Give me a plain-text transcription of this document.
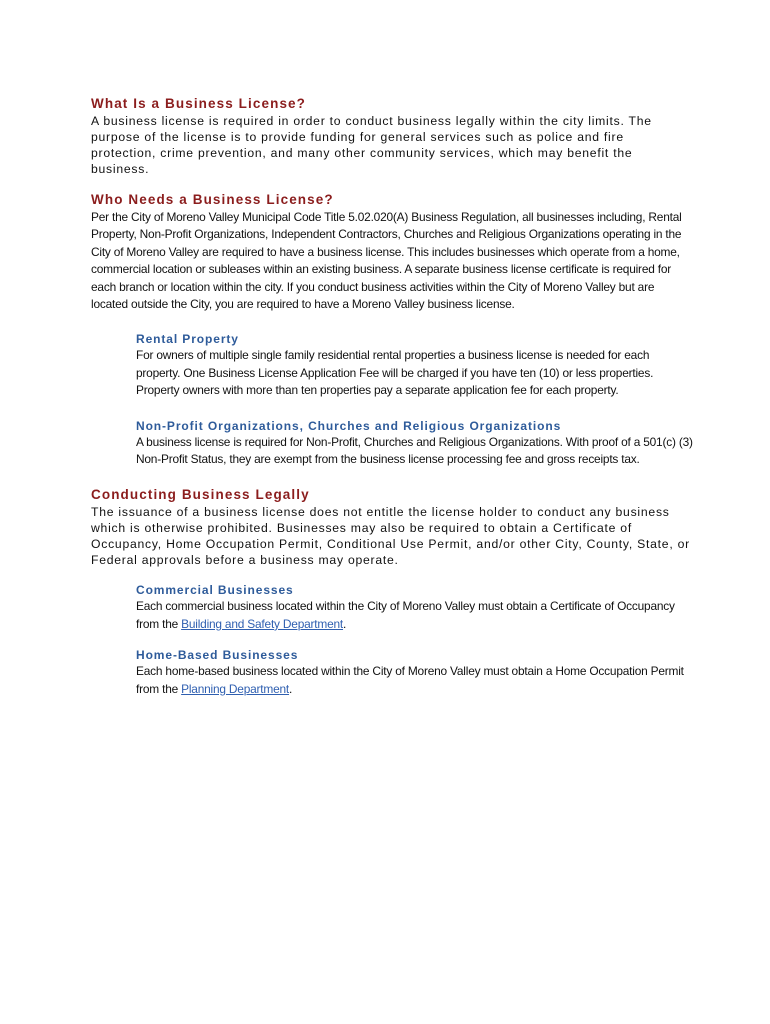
What Is a Business License?

A business license is required in order to conduct business legally within the city limits. The purpose of the license is to provide funding for general services such as police and fire protection, crime prevention, and many other community services, which may benefit the business.

Who Needs a Business License?

Per the City of Moreno Valley Municipal Code Title 5.02.020(A) Business Regulation, all businesses including, Rental Property, Non-Profit Organizations, Independent Contractors, Churches and Religious Organizations operating in the City of Moreno Valley are required to have a business license. This includes businesses which operate from a home, commercial location or subleases within an existing business. A separate business license certificate is required for each branch or location within the city. If you conduct business activities within the City of Moreno Valley but are located outside the City, you are required to have a Moreno Valley business license.

Rental Property

For owners of multiple single family residential rental properties a business license is needed for each property. One Business License Application Fee will be charged if you have ten (10) or less properties. Property owners with more than ten properties pay a separate application fee for each property.

Non-Profit Organizations, Churches and Religious Organizations

A business license is required for Non-Profit, Churches and Religious Organizations. With proof of a 501(c) (3) Non-Profit Status, they are exempt from the business license processing fee and gross receipts tax.

Conducting Business Legally

The issuance of a business license does not entitle the license holder to conduct any business which is otherwise prohibited. Businesses may also be required to obtain a Certificate of Occupancy, Home Occupation Permit, Conditional Use Permit, and/or other City, County, State, or Federal approvals before a business may operate.

Commercial Businesses

Each commercial business located within the City of Moreno Valley must obtain a Certificate of Occupancy from the Building and Safety Department.

Home-Based Businesses

Each home-based business located within the City of Moreno Valley must obtain a Home Occupation Permit from the Planning Department.
